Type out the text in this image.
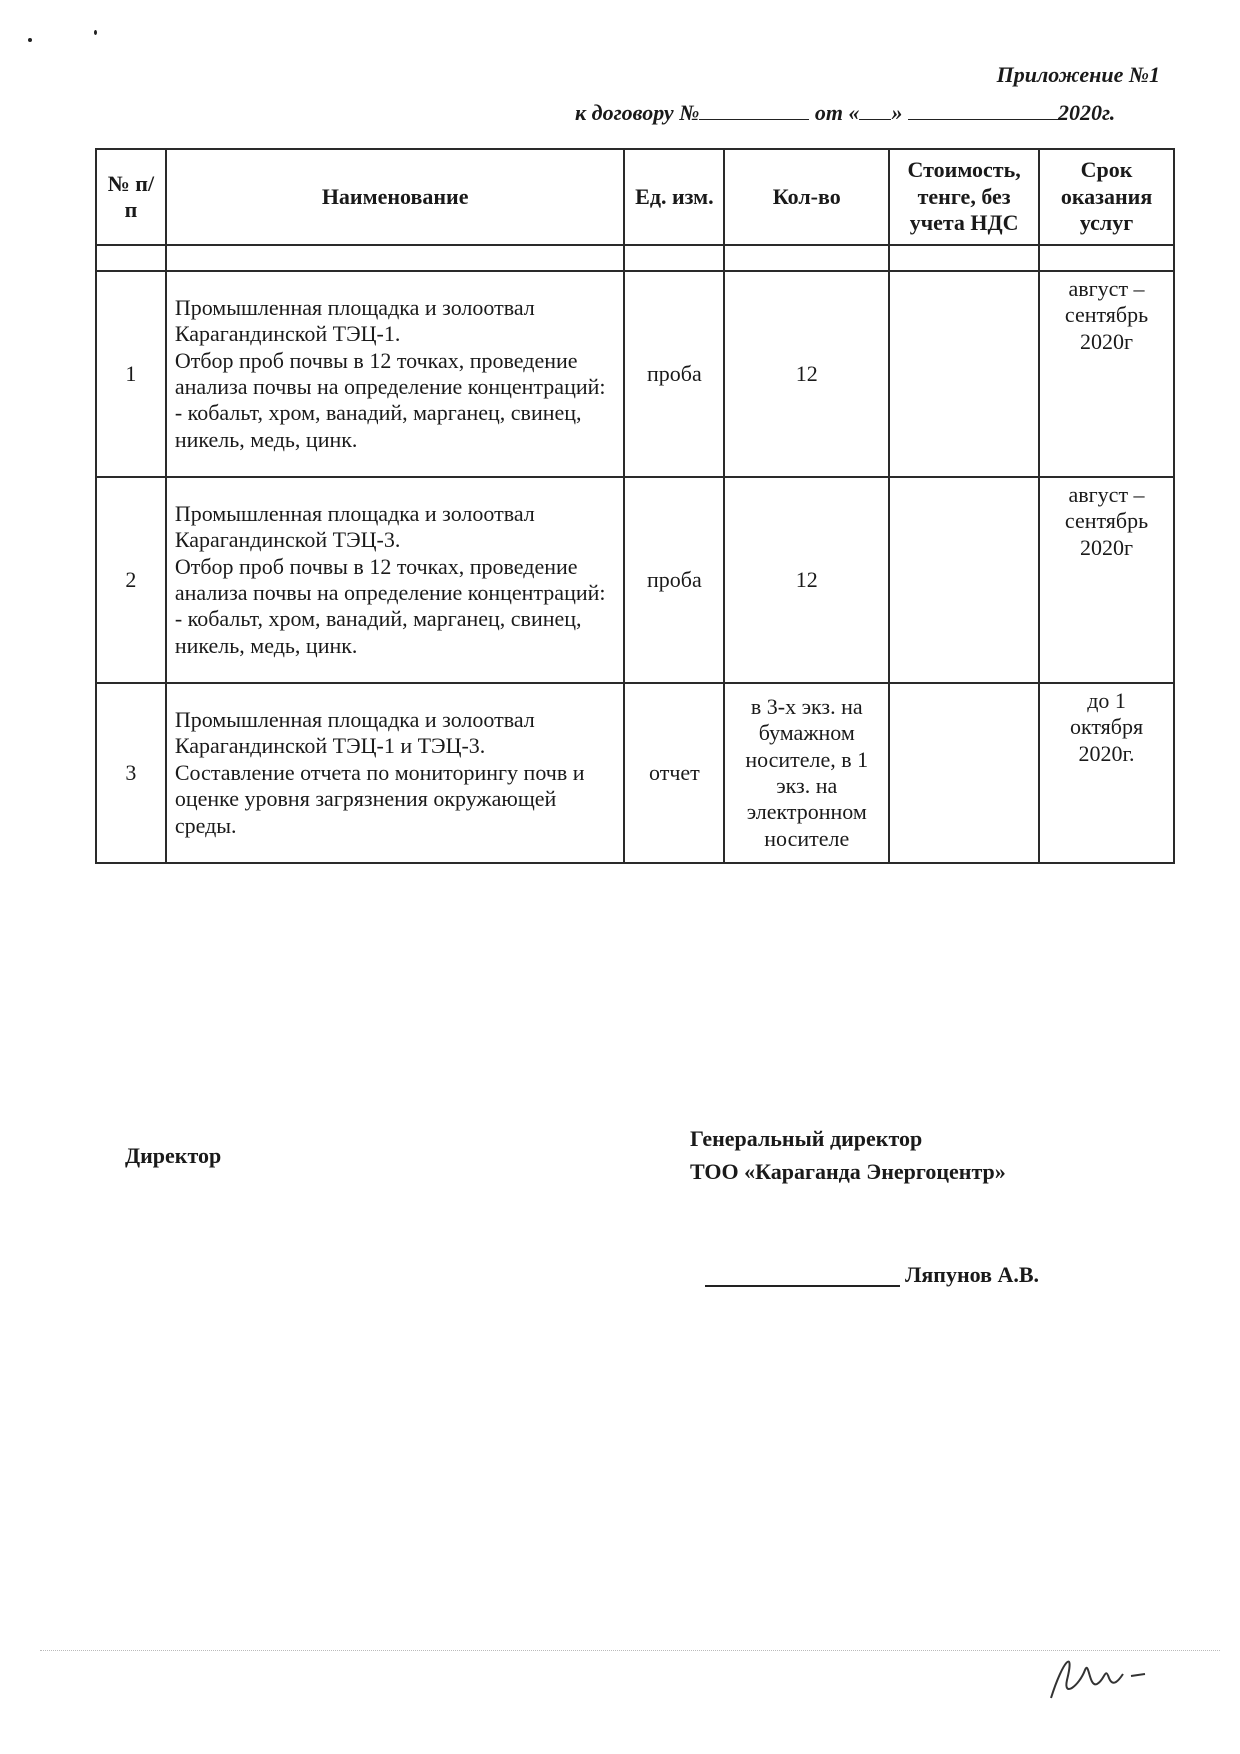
Приложение №1
к договору №	от « »	2020г.
№ п/п	Наименование	Ед. изм.	Кол-во	Стоимость, тенге, без учета НДС	Срок оказания услуг

1	Промышленная площадка и золоотвал Карагандинской ТЭЦ-1.
Отбор проб почвы в 12 точках, проведение анализа почвы на определение концентраций:
- кобальт, хром, ванадий, марганец, свинец, никель, медь, цинк.	проба	12		август – сентябрь 2020г
2	Промышленная площадка и золоотвал Карагандинской ТЭЦ-3.
Отбор проб почвы в 12 точках, проведение анализа почвы на определение концентраций:
- кобальт, хром, ванадий, марганец, свинец, никель, медь, цинк.	проба	12		август – сентябрь 2020г
3	Промышленная площадка и золоотвал Карагандинской ТЭЦ-1 и ТЭЦ-3.
Составление отчета по мониторингу почв и оценке уровня загрязнения окружающей среды.	отчет	в 3-х экз. на бумажном носителе, в 1 экз. на электронном носителе		до 1 октября 2020г.
Директор
Генеральный директор
ТОО «Караганда Энергоцентр»
Ляпунов А.В.
